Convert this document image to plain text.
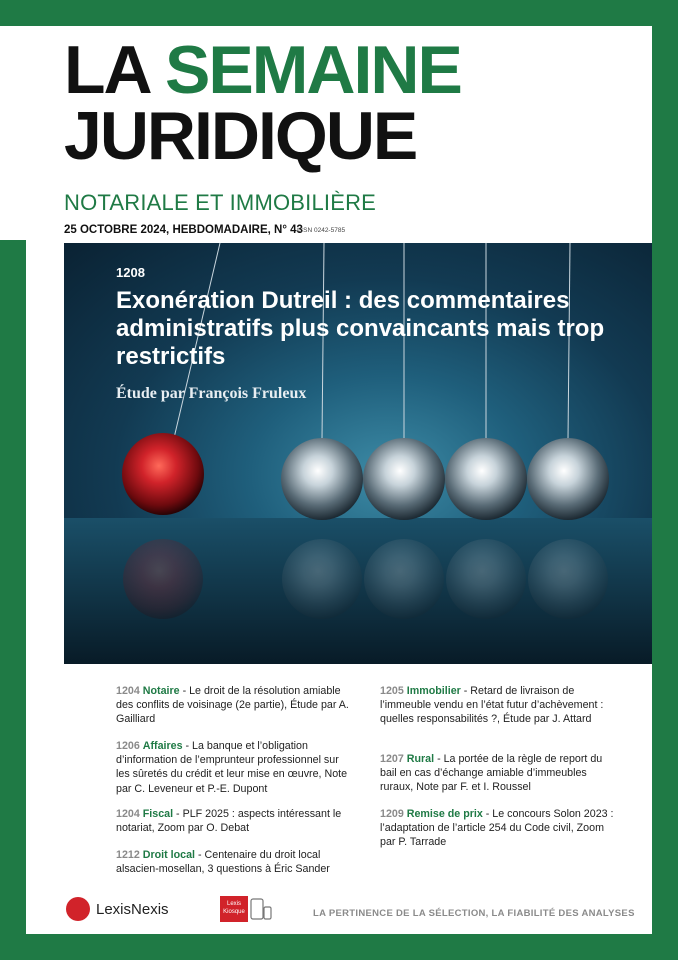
LA SEMAINE
JURIDIQUE
NOTARIALE ET IMMOBILIÈRE
25 OCTOBRE 2024, HEBDOMADAIRE, N° 43
ISSN 0242-5785
1208
Exonération Dutreil : des commentaires administratifs plus convaincants mais trop restrictifs
Étude par François Fruleux
1204 Notaire - Le droit de la résolution amiable des conflits de voisinage (2e partie), Étude par A. Gailliard
1206 Affaires - La banque et l’obligation d’information de l’emprunteur professionnel sur les sûretés du crédit et leur mise en œuvre, Note par C. Leveneur et P.-E. Dupont
1204 Fiscal - PLF 2025 : aspects intéressant le notariat, Zoom par O. Debat
1212 Droit local - Centenaire du droit local alsacien-mosellan, 3 questions à Éric Sander
1205 Immobilier - Retard de livraison de l’immeuble vendu en l’état futur d’achèvement : quelles responsabilités ?, Étude par J. Attard
1207 Rural - La portée de la règle de report du bail en cas d’échange amiable d’immeubles ruraux, Note par F. et I. Roussel
1209 Remise de prix - Le concours Solon 2023 : l’adaptation de l’article 254 du Code civil, Zoom par P. Tarrade
LexisNexis	Lexis
Kiosque	LA PERTINENCE DE LA SÉLECTION, LA FIABILITÉ DES ANALYSES
